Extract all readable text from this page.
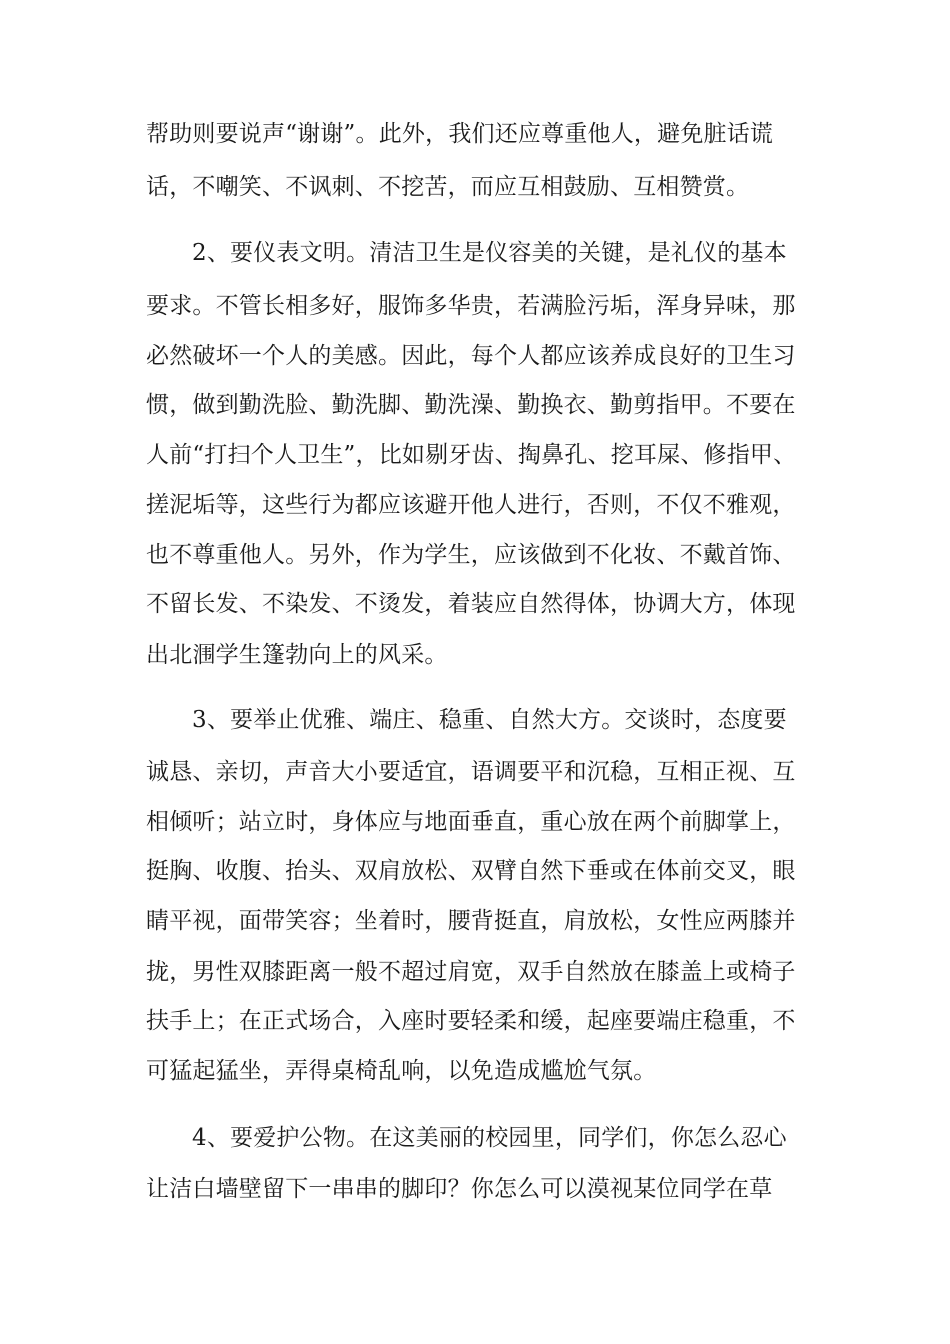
帮助则要说声“谢谢”。此外，我们还应尊重他人，避免脏话谎
话，不嘲笑、不讽刺、不挖苦，而应互相鼓励、互相赞赏。
2、要仪表文明。清洁卫生是仪容美的关键，是礼仪的基本
要求。不管长相多好，服饰多华贵，若满脸污垢，浑身异味，那
必然破坏一个人的美感。因此，每个人都应该养成良好的卫生习
惯，做到勤洗脸、勤洗脚、勤洗澡、勤换衣、勤剪指甲。不要在
人前“打扫个人卫生”，比如剔牙齿、掏鼻孔、挖耳屎、修指甲、
搓泥垢等，这些行为都应该避开他人进行，否则，不仅不雅观，
也不尊重他人。另外，作为学生，应该做到不化妆、不戴首饰、
不留长发、不染发、不烫发，着装应自然得体，协调大方，体现
出北涠学生篷勃向上的风采。
3、要举止优雅、端庄、稳重、自然大方。交谈时，态度要
诚恳、亲切，声音大小要适宜，语调要平和沉稳，互相正视、互
相倾听；站立时，身体应与地面垂直，重心放在两个前脚掌上，
挺胸、收腹、抬头、双肩放松、双臂自然下垂或在体前交叉，眼
睛平视，面带笑容；坐着时，腰背挺直，肩放松，女性应两膝并
拢，男性双膝距离一般不超过肩宽，双手自然放在膝盖上或椅子
扶手上；在正式场合，入座时要轻柔和缓，起座要端庄稳重，不
可猛起猛坐，弄得桌椅乱响，以免造成尴尬气氛。
4、要爱护公物。在这美丽的校园里，同学们，你怎么忍心
让洁白墙壁留下一串串的脚印？你怎么可以漠视某位同学在草
